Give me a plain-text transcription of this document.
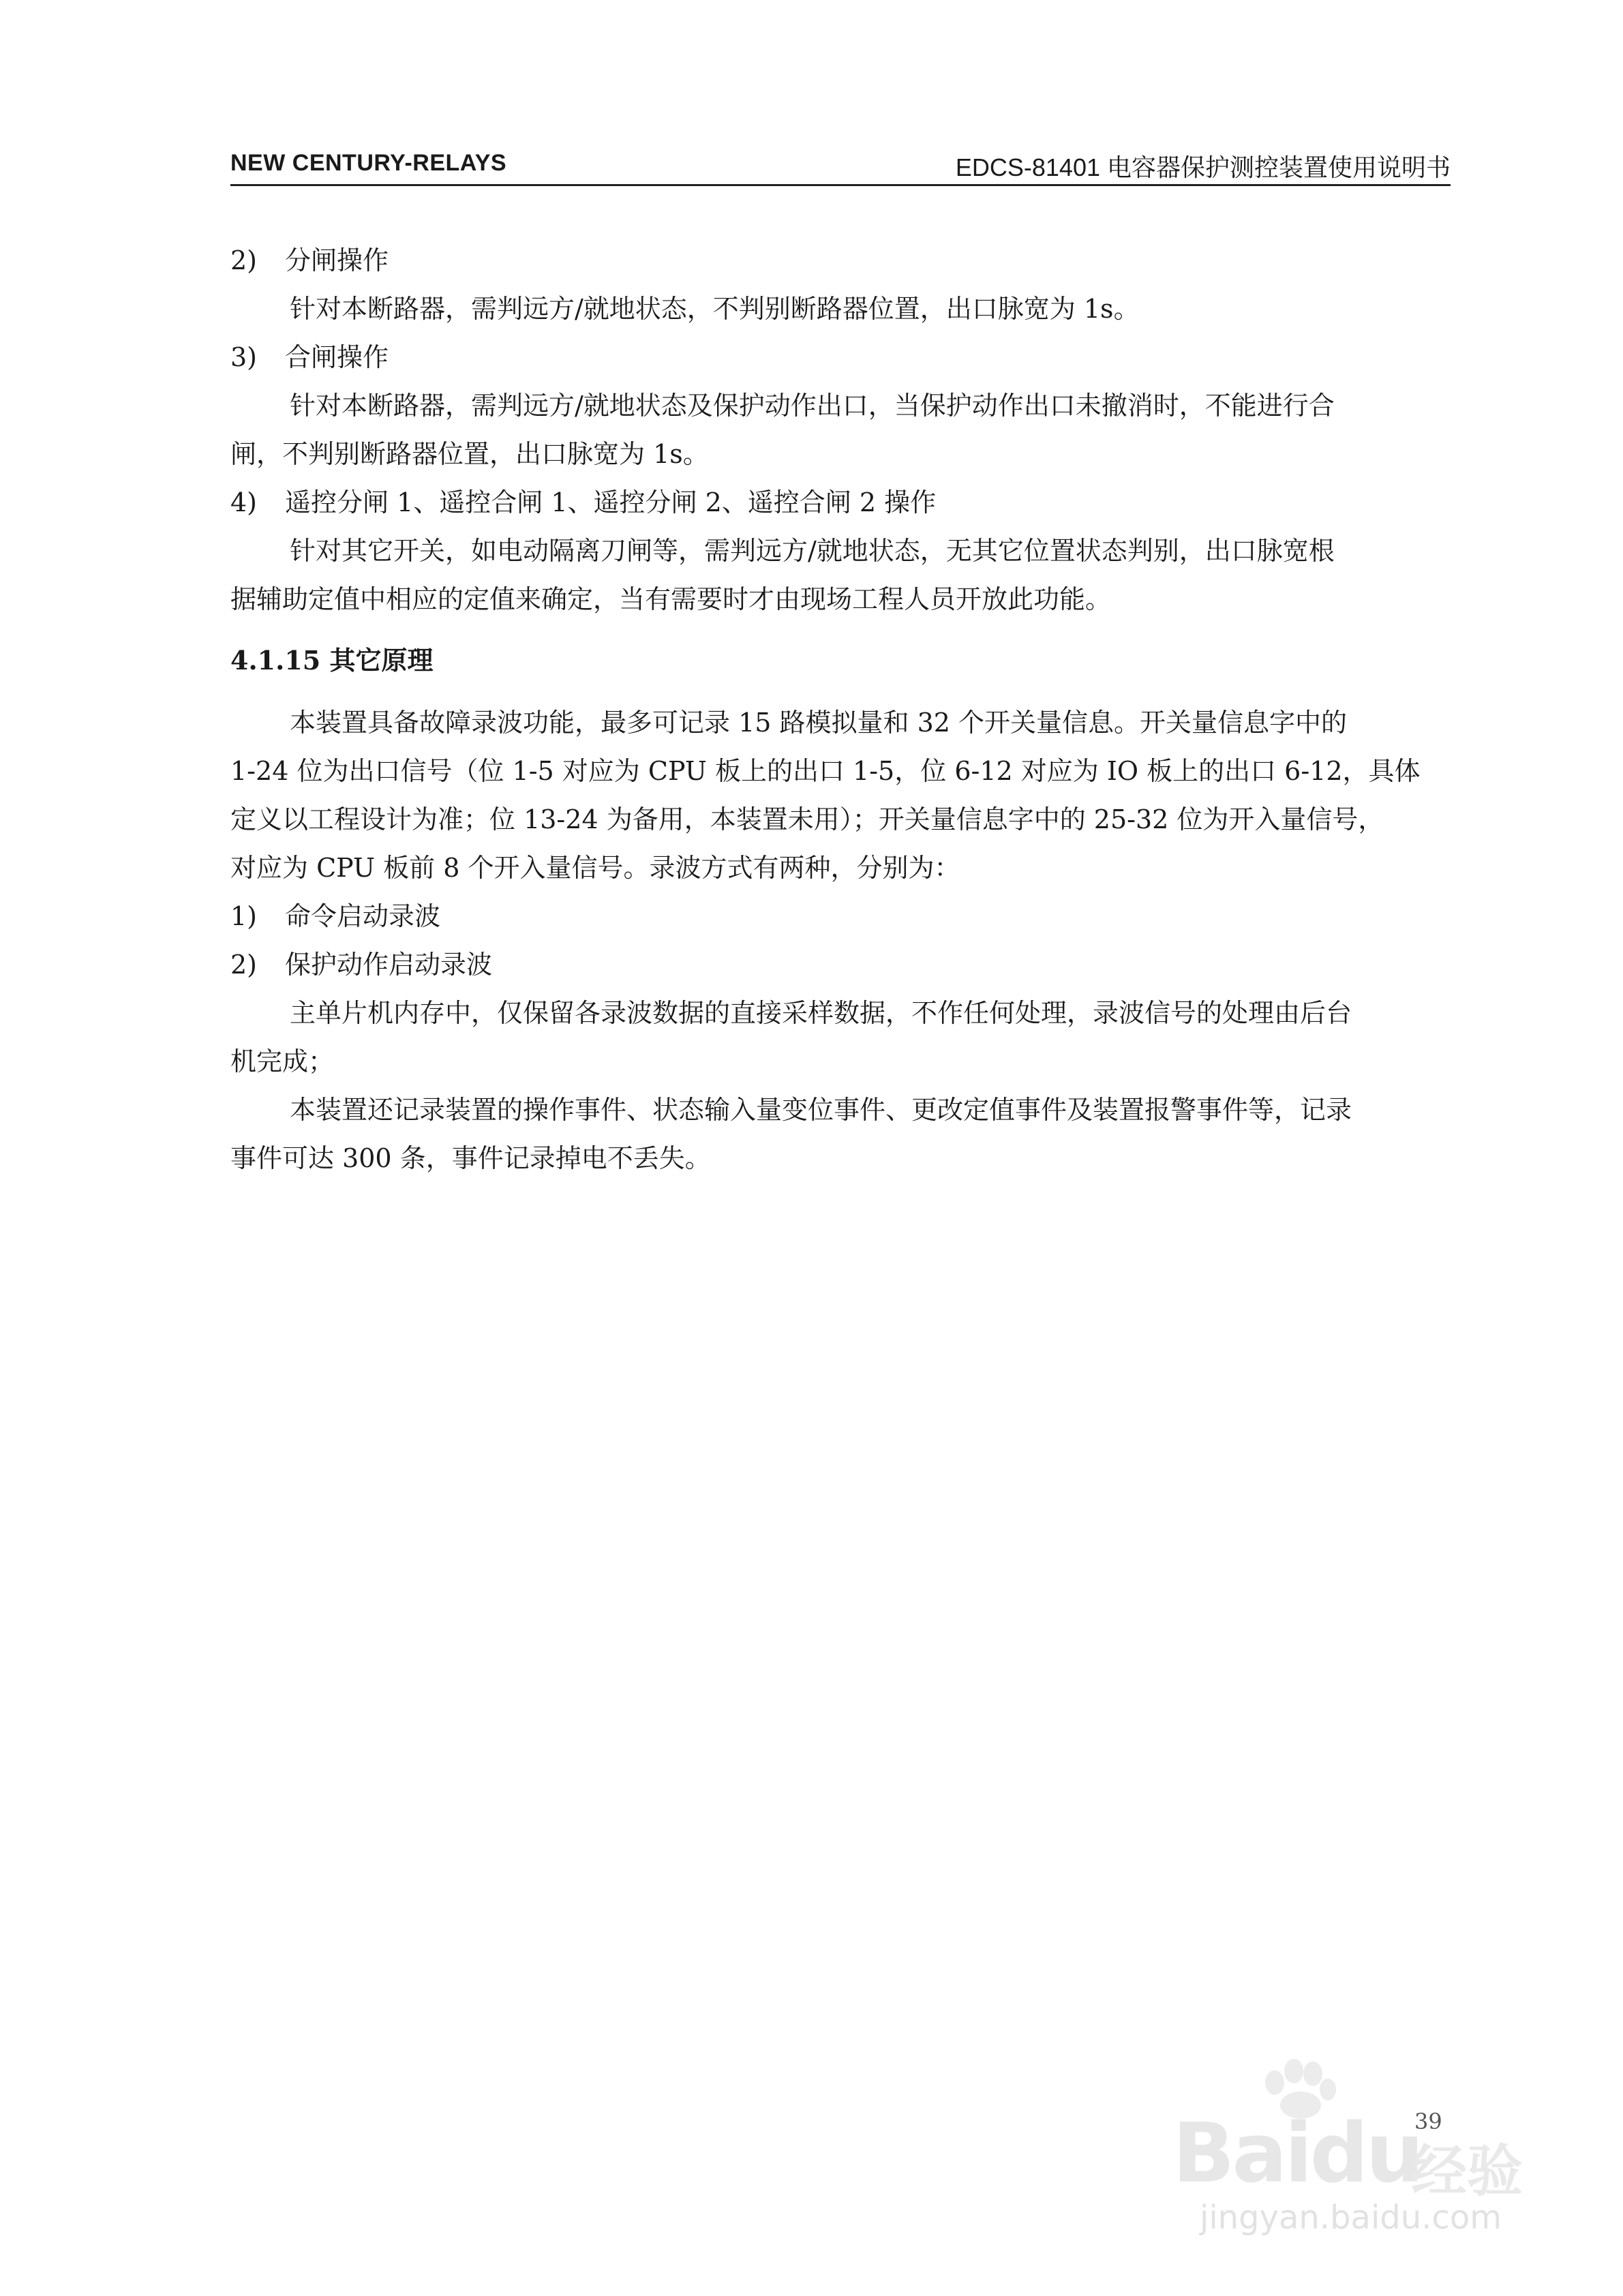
NEW CENTURY-RELAYS	EDCS-81401 电容器保护测控装置使用说明书
2) 分闸操作
针对本断路器，需判远方/就地状态，不判别断路器位置，出口脉宽为 1s。
3) 合闸操作
针对本断路器，需判远方/就地状态及保护动作出口，当保护动作出口未撤消时，不能进行合
闸，不判别断路器位置，出口脉宽为 1s。
4) 遥控分闸 1、遥控合闸 1、遥控分闸 2、遥控合闸 2 操作
针对其它开关，如电动隔离刀闸等，需判远方/就地状态，无其它位置状态判别，出口脉宽根
据辅助定值中相应的定值来确定，当有需要时才由现场工程人员开放此功能。
4.1.15 其它原理
本装置具备故障录波功能，最多可记录 15 路模拟量和 32 个开关量信息。开关量信息字中的
1-24 位为出口信号（位 1-5 对应为 CPU 板上的出口 1-5，位 6-12 对应为 IO 板上的出口 6-12，具体
定义以工程设计为准；位 13-24 为备用，本装置未用）；开关量信息字中的 25-32 位为开入量信号，
对应为 CPU 板前 8 个开入量信号。录波方式有两种，分别为：
1) 命令启动录波
2) 保护动作启动录波
主单片机内存中，仅保留各录波数据的直接采样数据，不作任何处理，录波信号的处理由后台
机完成；
本装置还记录装置的操作事件、状态输入量变位事件、更改定值事件及装置报警事件等，记录
事件可达 300 条，事件记录掉电不丢失。
39
Baidu
经验
jingyan.baidu.com
